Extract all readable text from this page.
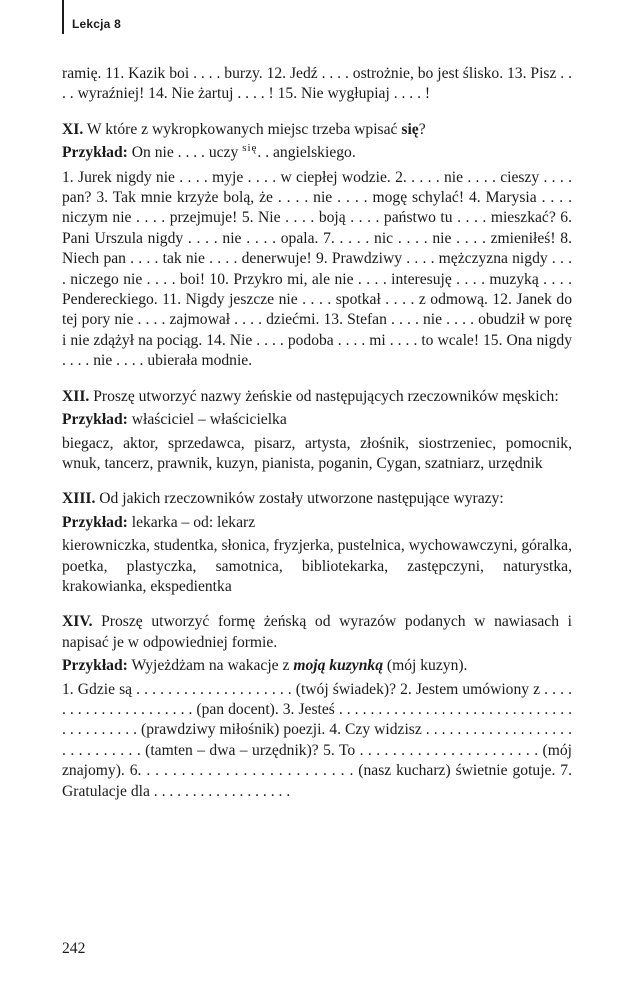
Lekcja 8

ramię. 11. Kazik boi . . . . burzy. 12. Jedź . . . . ostrożnie, bo jest ślisko. 13. Pisz . . . . wyraźniej! 14. Nie żartuj . . . . ! 15. Nie wygłupiaj . . . . !

XI. W które z wykropkowanych miejsc trzeba wpisać się?

Przykład: On nie . . . . uczy $^{się}$. . angielskiego.

1. Jurek nigdy nie . . . . myje . . . . w ciepłej wodzie. 2. . . . . nie . . . . cieszy . . . . pan? 3. Tak mnie krzyże bolą, że . . . . nie . . . . mogę schylać! 4. Marysia . . . . niczym nie . . . . przejmuje! 5. Nie . . . . boją . . . . państwo tu . . . . mieszkać? 6. Pani Urszula nigdy . . . . nie . . . . opala. 7. . . . . nic . . . . nie . . . . zmieniłeś! 8. Niech pan . . . . tak nie . . . . denerwuje! 9. Prawdziwy . . . . mężczyzna nigdy . . . . niczego nie . . . . boi! 10. Przykro mi, ale nie . . . . interesuję . . . . muzyką . . . . Pendereckiego. 11. Nigdy jeszcze nie . . . . spotkał . . . . z odmową. 12. Janek do tej pory nie . . . . zajmował . . . . dziećmi. 13. Stefan . . . . nie . . . . obudził w porę i nie zdążył na pociąg. 14. Nie . . . . podoba . . . . mi . . . . to wcale! 15. Ona nigdy . . . . nie . . . . ubierała modnie.

XII. Proszę utworzyć nazwy żeńskie od następujących rzeczowników męskich:

Przykład: właściciel – właścicielka

biegacz, aktor, sprzedawca, pisarz, artysta, złośnik, siostrzeniec, pomocnik, wnuk, tancerz, prawnik, kuzyn, pianista, poganin, Cygan, szatniarz, urzędnik

XIII. Od jakich rzeczowników zostały utworzone następujące wyrazy:

Przykład: lekarka – od: lekarz

kierowniczka, studentka, słonica, fryzjerka, pustelnica, wychowawczyni, góralka, poetka, plastyczka, samotnica, bibliotekarka, zastępczyni, naturystka, krakowianka, ekspedientka

XIV. Proszę utworzyć formę żeńską od wyrazów podanych w nawiasach i napisać je w odpowiedniej formie.

Przykład: Wyjeżdżam na wakacje z moją kuzynką (mój kuzyn).

1. Gdzie są . . . . . . . . . . . . . . . . . . . . (twój świadek)? 2. Jestem umówiony z . . . . . . . . . . . . . . . . . . . . . (pan docent). 3. Jesteś . . . . . . . . . . . . . . . . . . . . . . . . . . . . . . . . . . . . . . . . (prawdziwy miłośnik) poezji. 4. Czy widzisz . . . . . . . . . . . . . . . . . . . . . . . . . . . . . (tamten – dwa – urzędnik)? 5. To . . . . . . . . . . . . . . . . . . . . . . (mój znajomy). 6. . . . . . . . . . . . . . . . . . . . . . . . . (nasz kucharz) świetnie gotuje. 7. Gratulacje dla . . . . . . . . . . . . . . . . . .

242
